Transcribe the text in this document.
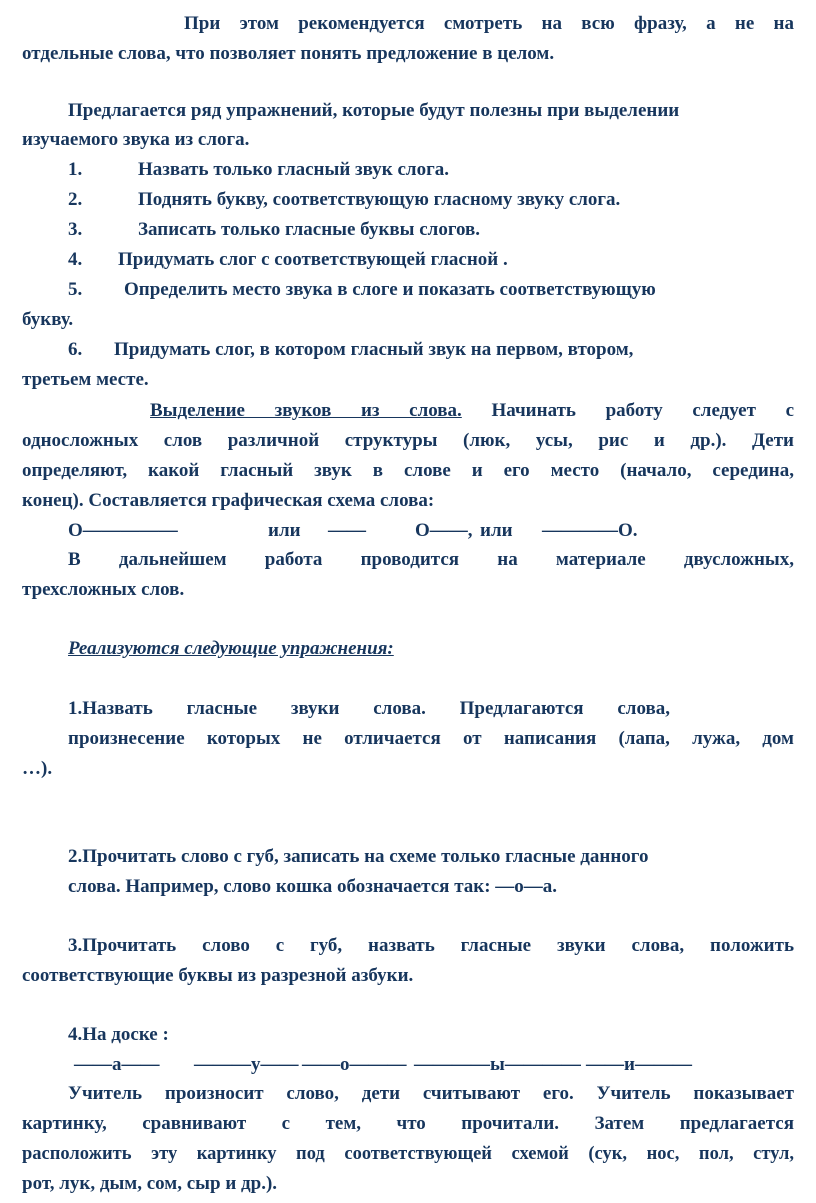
При этом рекомендуется смотреть на всю фразу, а не на
отдельные слова, что позволяет понять предложение в целом.
Предлагается ряд упражнений, которые будут полезны при выделении
изучаемого звука из слога.
1.	Назвать только гласный звук слога.
2.	Поднять букву, соответствующую гласному звуку слога.
3.	Записать только гласные буквы слогов.
4. Придумать слог с соответствующей гласной .
5. Определить место звука в слоге и показать соответствующую
букву.
6. Придумать слог, в котором гласный звук на первом, втором,
третьем месте.
Выделение звуков из слова. Начинать работу следует с
односложных слов различной структуры (люк, усы, рис и др.). Дети
определяют, какой гласный звук в слове и его место (начало, середина,
конец). Составляется графическая схема слова:
О—————	или ——	О——, или ————О.
В дальнейшем работа проводится на материале двусложных,
трехсложных слов.
Реализуются следующие упражнения:
1.Назвать гласные звуки слова. Предлагаются слова,
произнесение которых не отличается от написания (лапа, лужа, дом
…).
2.Прочитать слово с губ, записать на схеме только гласные данного
слова. Например, слово кошка обозначается так: —о—а.
3.Прочитать слово с губ, назвать гласные звуки слова, положить
соответствующие буквы из разрезной азбуки.
4.На доске :
——а—— ———у—— ——о——— ————ы———— ——и———
Учитель произносит слово, дети считывают его. Учитель показывает
картинку, сравнивают с тем, что прочитали. Затем предлагается
расположить эту картинку под соответствующей схемой (сук, нос, пол, стул,
рот, лук, дым, сом, сыр и др.).
